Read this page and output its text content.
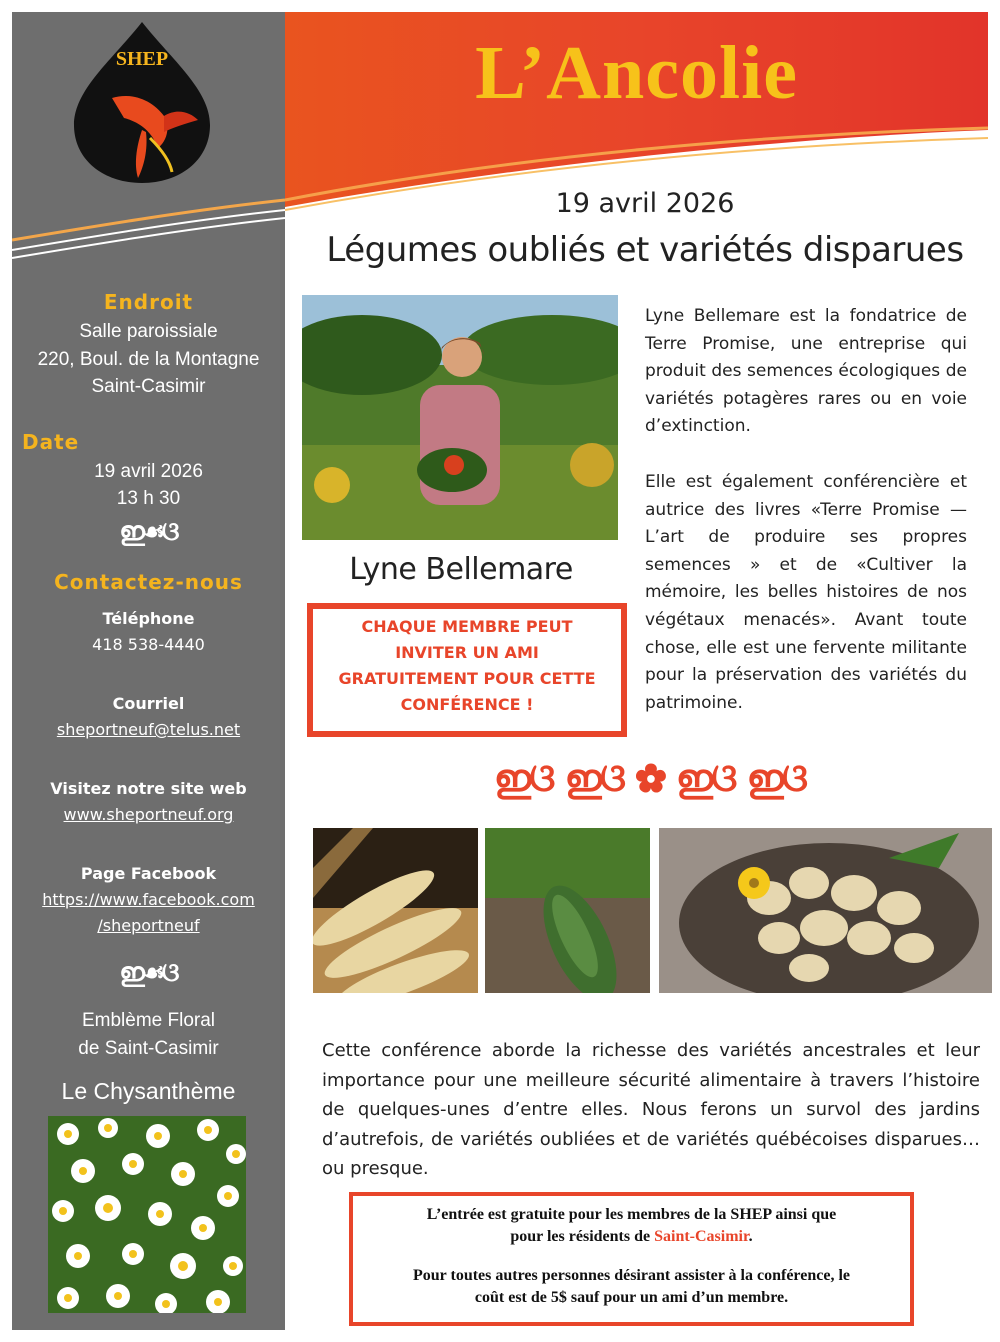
SHEP	L’Ancolie
19 avril 2026
Légumes oubliés et variétés disparues
Endroit
Salle paroissiale
220, Boul. de la Montagne
Saint-Casimir
Date
19 avril 2026
13 h 30
ഇ☙ଓ
Contactez-nous
Téléphone
418 538-4440
Courriel
sheportneuf@telus.net
Visitez notre site web
www.sheportneuf.org
Page Facebook
https://www.facebook.com
/sheportneuf
ഇ☙ଓ
Emblème Floral
de Saint-Casimir
Le Chysanthème
Lyne Bellemare
CHAQUE MEMBRE PEUT
INVITER UN AMI
GRATUITEMENT POUR CETTE
CONFÉRENCE !
Lyne Bellemare est la fondatrice de Terre Promise, une entreprise qui produit des semences écologiques de variétés potagères rares ou en voie d’extinction.
Elle est également conférencière et autrice des livres «Terre Promise — L’art de produire ses propres semences » et de «Cultiver la mémoire, les belles histoires de nos végétaux menacés». Avant toute chose, elle est une fervente militante pour la préservation des variétés du patrimoine.
ഇଓ ഇଓ ✿ ഇଓ ഇଓ
Cette conférence aborde la richesse des variétés ancestrales et leur importance pour une meilleure sécurité alimentaire à travers l’histoire de quelques-unes d’entre elles. Nous ferons un survol des jardins d’autrefois, de variétés oubliées et de variétés québécoises disparues… ou presque.
L’entrée est gratuite pour les membres de la SHEP ainsi que
pour les résidents de Saint-Casimir.
Pour toutes autres personnes désirant assister à la conférence, le
coût est de 5$ sauf pour un ami d’un membre.
